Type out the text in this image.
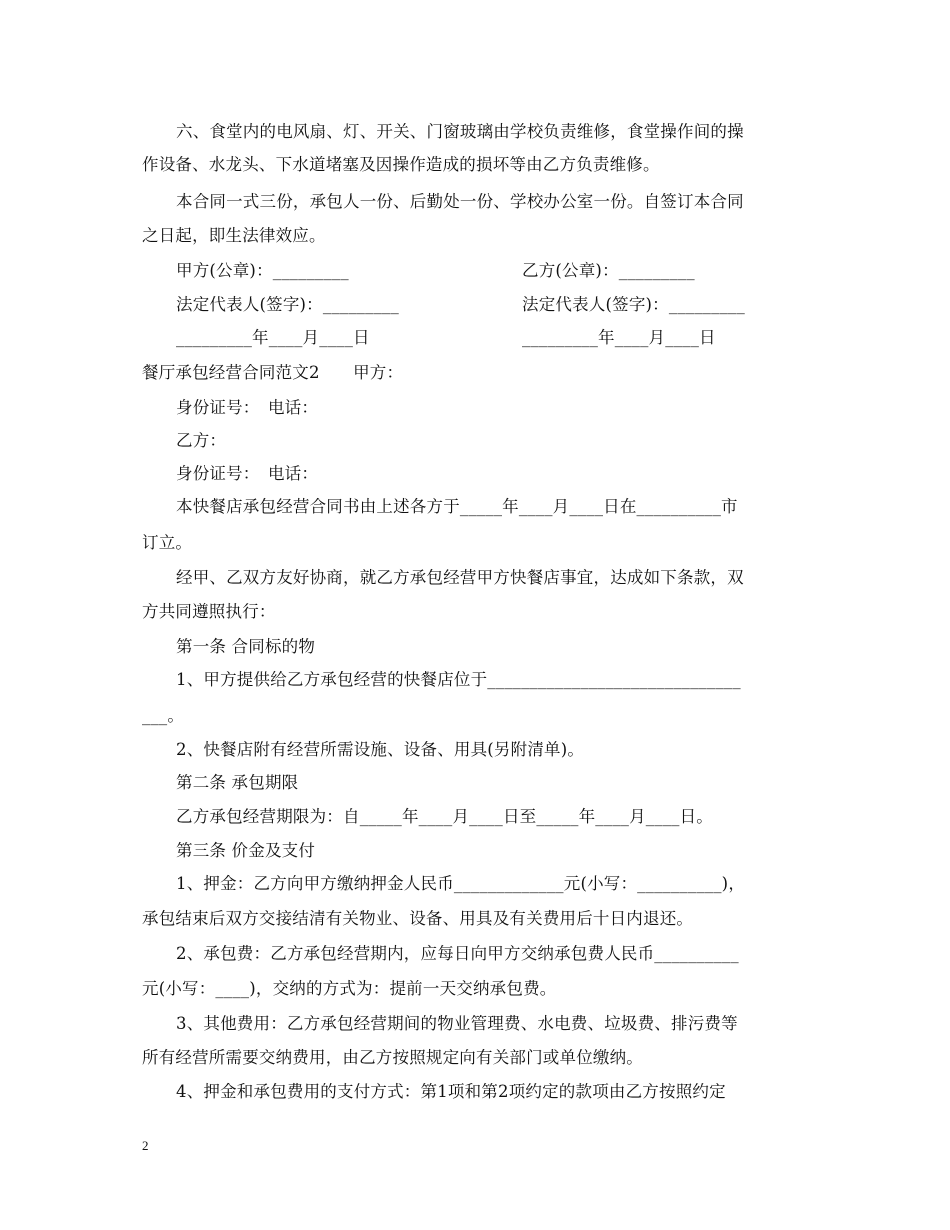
六、食堂内的电风扇、灯、开关、门窗玻璃由学校负责维修，食堂操作间的操
作设备、水龙头、下水道堵塞及因操作造成的损坏等由乙方负责维修。
本合同一式三份，承包人一份、后勤处一份、学校办公室一份。自签订本合同
之日起，即生法律效应。
甲方(公章)：_________	乙方(公章)：_________
法定代表人(签字)：_________	法定代表人(签字)：_________
_________年____月____日	_________年____月____日
餐厅承包经营合同范文2　　甲方：
身份证号：　电话：
乙方：
身份证号：　电话：
本快餐店承包经营合同书由上述各方于_____年____月____日在__________市
订立。
经甲、乙双方友好协商，就乙方承包经营甲方快餐店事宜，达成如下条款，双
方共同遵照执行：
第一条 合同标的物
1、甲方提供给乙方承包经营的快餐店位于______________________________
___。
2、快餐店附有经营所需设施、设备、用具(另附清单)。
第二条 承包期限
乙方承包经营期限为：自_____年____月____日至_____年____月____日。
第三条 价金及支付
1、押金：乙方向甲方缴纳押金人民币_____________元(小写：__________)，
承包结束后双方交接结清有关物业、设备、用具及有关费用后十日内退还。
2、承包费：乙方承包经营期内，应每日向甲方交纳承包费人民币__________
元(小写：____)，交纳的方式为：提前一天交纳承包费。
3、其他费用：乙方承包经营期间的物业管理费、水电费、垃圾费、排污费等
所有经营所需要交纳费用，由乙方按照规定向有关部门或单位缴纳。
4、押金和承包费用的支付方式：第1项和第2项约定的款项由乙方按照约定
2
